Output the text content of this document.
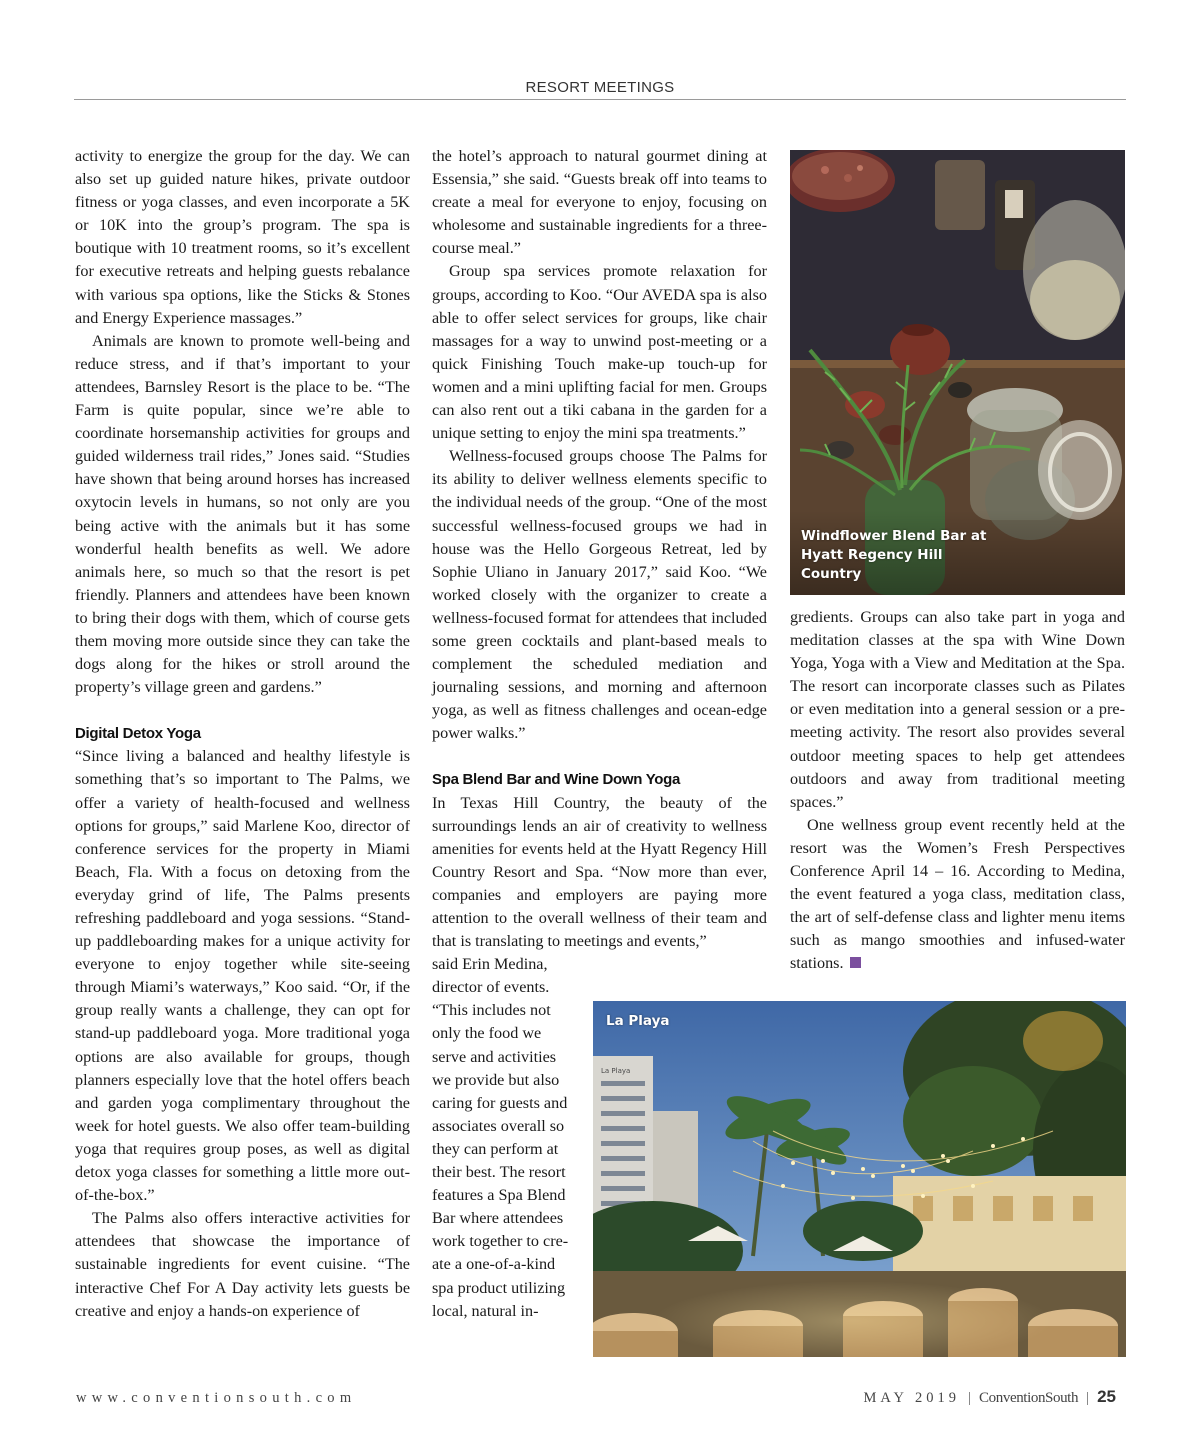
RESORT MEETINGS

activity to energize the group for the day. We can also set up guided nature hikes, private outdoor fitness or yoga classes, and even incorporate a 5K or 10K into the group’s program. The spa is boutique with 10 treatment rooms, so it’s excellent for executive retreats and helping guests rebalance with various spa options, like the Sticks & Stones and Energy Experience massages.”

Animals are known to promote well-being and reduce stress, and if that’s important to your attendees, Barnsley Resort is the place to be. “The Farm is quite popular, since we’re able to coordinate horsemanship activities for groups and guided wilderness trail rides,” Jones said. “Studies have shown that being around horses has increased oxytocin levels in humans, so not only are you being active with the animals but it has some wonderful health benefits as well. We adore animals here, so much so that the resort is pet friendly. Planners and attendees have been known to bring their dogs with them, which of course gets them moving more outside since they can take the dogs along for the hikes or stroll around the property’s village green and gardens.”

Digital Detox Yoga

“Since living a balanced and healthy lifestyle is something that’s so important to The Palms, we offer a variety of health-focused and wellness options for groups,” said Marlene Koo, director of conference services for the property in Miami Beach, Fla. With a focus on detoxing from the everyday grind of life, The Palms presents refreshing paddleboard and yoga sessions. “Stand-up paddleboarding makes for a unique activity for everyone to enjoy together while site-seeing through Miami’s waterways,” Koo said. “Or, if the group really wants a challenge, they can opt for stand-up paddleboard yoga. More traditional yoga options are also available for groups, though planners especially love that the hotel offers beach and garden yoga complimentary throughout the week for hotel guests. We also offer team-building yoga that requires group poses, as well as digital detox yoga classes for something a little more out-of-the-box.”

The Palms also offers interactive activities for attendees that showcase the importance of sustainable ingredients for event cuisine. “The interactive Chef For A Day activity lets guests be creative and enjoy a hands-on experience of

the hotel’s approach to natural gourmet dining at Essensia,” she said. “Guests break off into teams to create a meal for everyone to enjoy, focusing on wholesome and sustainable ingredients for a three-course meal.”

Group spa services promote relaxation for groups, according to Koo. “Our AVEDA spa is also able to offer select services for groups, like chair massages for a way to unwind post-meeting or a quick Finishing Touch make-up touch-up for women and a mini uplifting facial for men. Groups can also rent out a tiki cabana in the garden for a unique setting to enjoy the mini spa treatments.”

Wellness-focused groups choose The Palms for its ability to deliver wellness elements specific to the individual needs of the group. “One of the most successful wellness-focused groups we had in house was the Hello Gorgeous Retreat, led by Sophie Uliano in January 2017,” said Koo. “We worked closely with the organizer to create a wellness-focused format for attendees that included some green cocktails and plant-based meals to complement the scheduled mediation and journaling sessions, and morning and afternoon yoga, as well as fitness challenges and ocean-edge power walks.”

Spa Blend Bar and Wine Down Yoga

In Texas Hill Country, the beauty of the surroundings lends an air of creativity to wellness amenities for events held at the Hyatt Regency Hill Country Resort and Spa. “Now more than ever, companies and employers are paying more attention to the overall wellness of their team and that is translating to meetings and events,”

said Erin Medina,
director of events.
“This includes not
only the food we
serve and activities
we provide but also
caring for guests and
associates overall so
they can perform at
their best. The resort
features a Spa Blend
Bar where attendees
work together to cre-
ate a one-of-a-kind
spa product utilizing
local, natural in-
Windflower Blend Bar at Hyatt Regency Hill Country

gredients. Groups can also take part in yoga and meditation classes at the spa with Wine Down Yoga, Yoga with a View and Meditation at the Spa. The resort can incorporate classes such as Pilates or even meditation into a general session or a pre-meeting activity. The resort also provides several outdoor meeting spaces to help get attendees outdoors and away from traditional meeting spaces.”

One wellness group event recently held at the resort was the Women’s Fresh Perspectives Conference April 14 – 16. According to Medina, the event featured a yoga class, meditation class, the art of self-defense class and lighter menu items such as mango smoothies and infused-water stations.

La Playa
La Playa
www.conventionsouth.com	MAY 2019 | ConventionSouth | 25
